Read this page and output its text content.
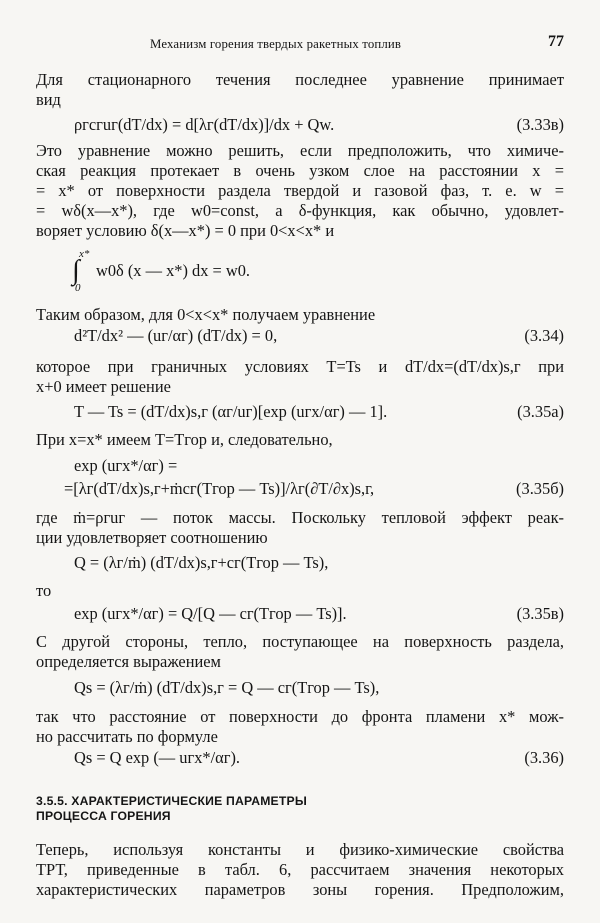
Механизм горения твердых ракетных топлив	77
Для стационарного течения последнее уравнение принимает
вид
ρгcгuг(dT/dx) = d[λг(dT/dx)]/dx + Qw.	(3.33в)
Это уравнение можно решить, если предположить, что химиче-
ская реакция протекает в очень узком слое на расстоянии x =
= x* от поверхности раздела твердой и газовой фаз, т. е. w =
= wδ(x—x*), где w0=const, а δ-функция, как обычно, удовлет-
воряет условию δ(x—x*) = 0 при 0<x<x* и
x*
∫
0
w0δ (x — x*) dx = w0.
Таким образом, для 0<x<x* получаем уравнение
d²T/dx² — (uг/αг) (dT/dx) = 0,	(3.34)
которое при граничных условиях T=Ts и dT/dx=(dT/dx)s,г при
x+0 имеет решение
T — Ts = (dT/dx)s,г (αг/uг)[exp (uгx/αг) — 1].	(3.35а)
При x=x* имеем T=Tгор и, следовательно,
exp (uгx*/αг) =
=[λг(dT/dx)s,г+ṁcг(Tгор — Ts)]/λг(∂T/∂x)s,г,	(3.35б)
где ṁ=ρгuг — поток массы. Поскольку тепловой эффект реак-
ции удовлетворяет соотношению
Q = (λг/ṁ) (dT/dx)s,г+cг(Tгор — Ts),
то
exp (uгx*/αг) = Q/[Q — cг(Tгор — Ts)].	(3.35в)
С другой стороны, тепло, поступающее на поверхность раздела,
определяется выражением
Qs = (λг/ṁ) (dT/dx)s,г = Q — cг(Tгор — Ts),
так что расстояние от поверхности до фронта пламени x* мож-
но рассчитать по формуле
Qs = Q exp (— uгx*/αг).	(3.36)
3.5.5. ХАРАКТЕРИСТИЧЕСКИЕ ПАРАМЕТРЫ
ПРОЦЕССА ГОРЕНИЯ
Теперь, используя константы и физико-химические свойства
ТРТ, приведенные в табл. 6, рассчитаем значения некоторых
характеристических параметров зоны горения. Предположим,
